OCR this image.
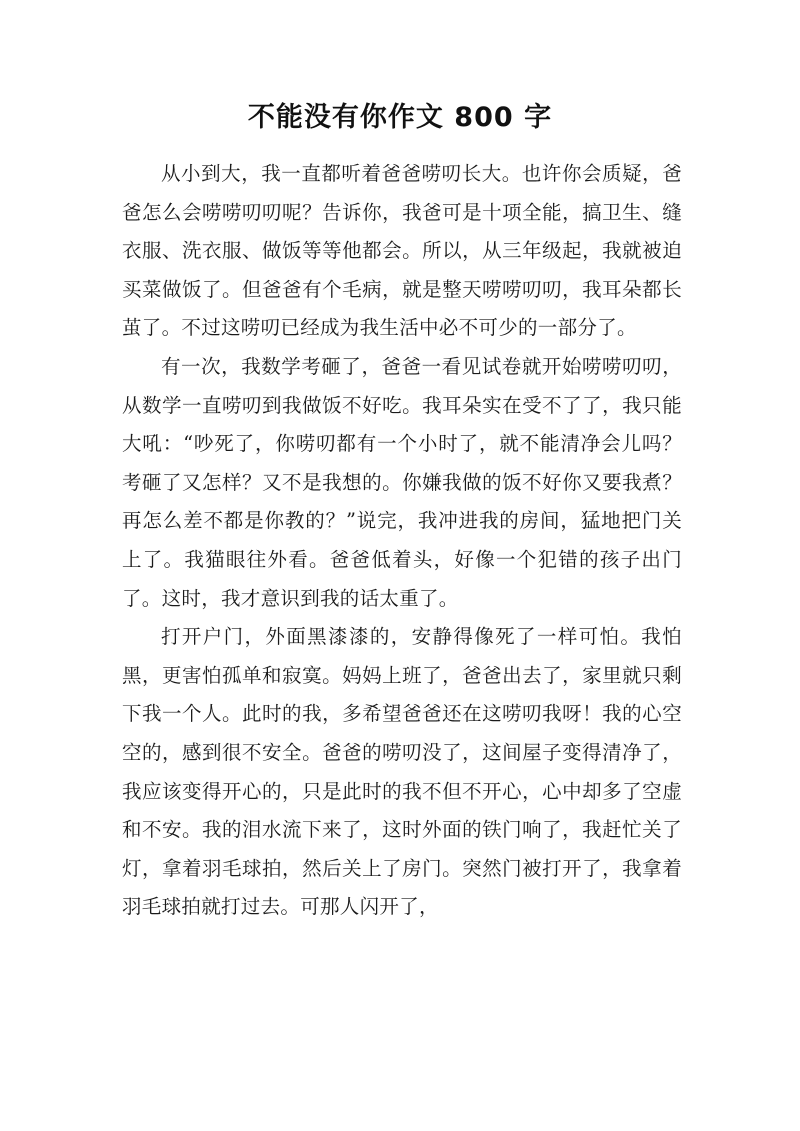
不能没有你作文 800 字

从小到大，我一直都听着爸爸唠叨长大。也许你会质疑，爸爸怎么会唠唠叨叨呢？告诉你，我爸可是十项全能，搞卫生、缝衣服、洗衣服、做饭等等他都会。所以，从三年级起，我就被迫买菜做饭了。但爸爸有个毛病，就是整天唠唠叨叨，我耳朵都长茧了。不过这唠叨已经成为我生活中必不可少的一部分了。

有一次，我数学考砸了，爸爸一看见试卷就开始唠唠叨叨，从数学一直唠叨到我做饭不好吃。我耳朵实在受不了了，我只能大吼：“吵死了，你唠叨都有一个小时了，就不能清净会儿吗？考砸了又怎样？又不是我想的。你嫌我做的饭不好你又要我煮？再怎么差不都是你教的？”说完，我冲进我的房间，猛地把门关上了。我猫眼往外看。爸爸低着头，好像一个犯错的孩子出门了。这时，我才意识到我的话太重了。

打开户门，外面黑漆漆的，安静得像死了一样可怕。我怕黑，更害怕孤单和寂寞。妈妈上班了，爸爸出去了，家里就只剩下我一个人。此时的我，多希望爸爸还在这唠叨我呀！我的心空空的，感到很不安全。爸爸的唠叨没了，这间屋子变得清净了，我应该变得开心的，只是此时的我不但不开心，心中却多了空虚和不安。我的泪水流下来了，这时外面的铁门响了，我赶忙关了灯，拿着羽毛球拍，然后关上了房门。突然门被打开了，我拿着羽毛球拍就打过去。可那人闪开了，
